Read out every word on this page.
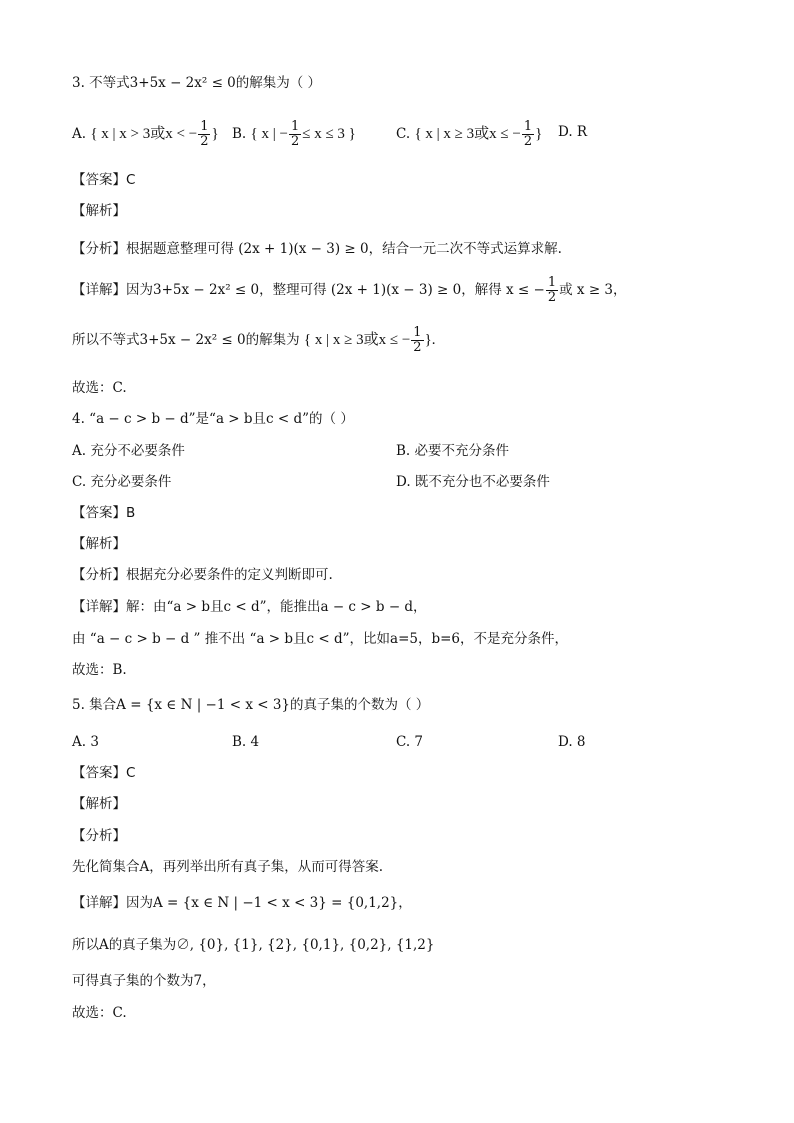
3. 不等式3+5x − 2x² ≤ 0的解集为（ ）
A. { x | x > 3或x < − $\frac{1}{2}$ } B. { x | − $\frac{1}{2} \le x \le 3$ }	C. { x | x ≥ 3或x ≤ − $\frac{1}{2}$ } D. R
【答案】C
【解析】
【分析】根据题意整理可得 (2x + 1)(x − 3) ≥ 0，结合一元二次不等式运算求解.
【详解】因为3+5x − 2x² ≤ 0，整理可得 (2x + 1)(x − 3) ≥ 0，解得 x ≤ − $\frac{1}{2}$ 或 x ≥ 3，
所以不等式3+5x − 2x² ≤ 0的解集为 { x | x ≥ 3或x ≤ − $\frac{1}{2}$ }.
故选：C.
4. “a − c > b − d”是“a > b且c < d”的（ ）
A. 充分不必要条件	B. 必要不充分条件
C. 充分必要条件	D. 既不充分也不必要条件
【答案】B
【解析】
【分析】根据充分必要条件的定义判断即可.
【详解】解：由“a > b且c < d”，能推出a − c > b − d，
由 “a − c > b − d ” 推不出 “a > b且c < d”，比如a=5，b=6，不是充分条件，
故选：B.
5. 集合A = {x ∈ N | −1 < x < 3}的真子集的个数为（ ）
A. 3	B. 4	C. 7	D. 8
【答案】C
【解析】
【分析】
先化简集合A，再列举出所有真子集，从而可得答案.
【详解】因为A = {x ∈ N | −1 < x < 3} = {0,1,2}，
所以A的真子集为∅, {0}, {1}, {2}, {0,1}, {0,2}, {1,2}
可得真子集的个数为7，
故选：C.
